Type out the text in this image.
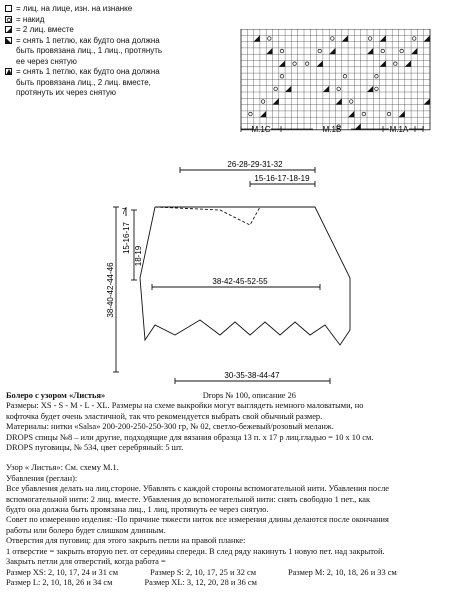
= лиц. на лице, изн. на изнанке
= накид
= 2 лиц. вместе
= снять 1 петлю, как будто она должна
быть провязана лиц., 1 лиц., протянуть
ее через снятую
= снять 1 петлю, как будто она должна
быть провязана лиц., 2 лиц. вместе,
протянуть их через снятую
M.1C	M.1B	M.1A
26-28-29-31-32
15-16-17-18-19
7
38-40-42-44-46
15-16-17
18-19
38-42-45-52-55
30-35-38-44-47

Болеро с узором «Листья»	Drops № 100, описание 26

Размеры: XS - S - M - L - XL. Размеры на схеме выкройки могут выглядеть немного маловатыми, но

кофточка будет очень эластичной, так что рекомендуется выбрать свой обычный размер.

Материалы: нитки «Salsa» 200-200-250-250-300 гр, № 02, светло-бежевый/розовый меланж.

DROPS спицы №8 – или другие, подходящие для вязания образца 13 п. х 17 р лиц.гладью = 10 х 10 см.

DROPS пуговицы, № 534, цвет серебряный: 5 шт.

Узор « Листья»: См. схему М.1.

Убавления (реглан):

Все убавления делать на лиц.стороне. Убавлять с каждой стороны вспомогательной нити. Убавления после

вспомогательной нити: 2 лиц. вместе. Убавления до вспомогательной нити: снять свободно 1 пет., как

будто она должна быть провязана лиц., 1 лиц, протянуть ее через снятую.

Совет по измерению изделия: -По причине тяжести ниток все измерения длины делаются после окончания

работы или болеро будет слишком длинным.

Отверстия для пуговиц: для этого закрыть петли на правой планке:

1 отверстие = закрыть вторую пет. от середины спереди. В след ряду накинуть 1 новую пет. над закрытой.

Закрыть петли для отверстий, когда работа =

Размер XS: 2, 10, 17, 24 и 31 см	Размер S: 2, 10, 17, 25 и 32 см	Размер M: 2, 10, 18, 26 и 33 см

Размер L: 2, 10, 18, 26 и 34 см	Размер XL: 3, 12, 20, 28 и 36 см
